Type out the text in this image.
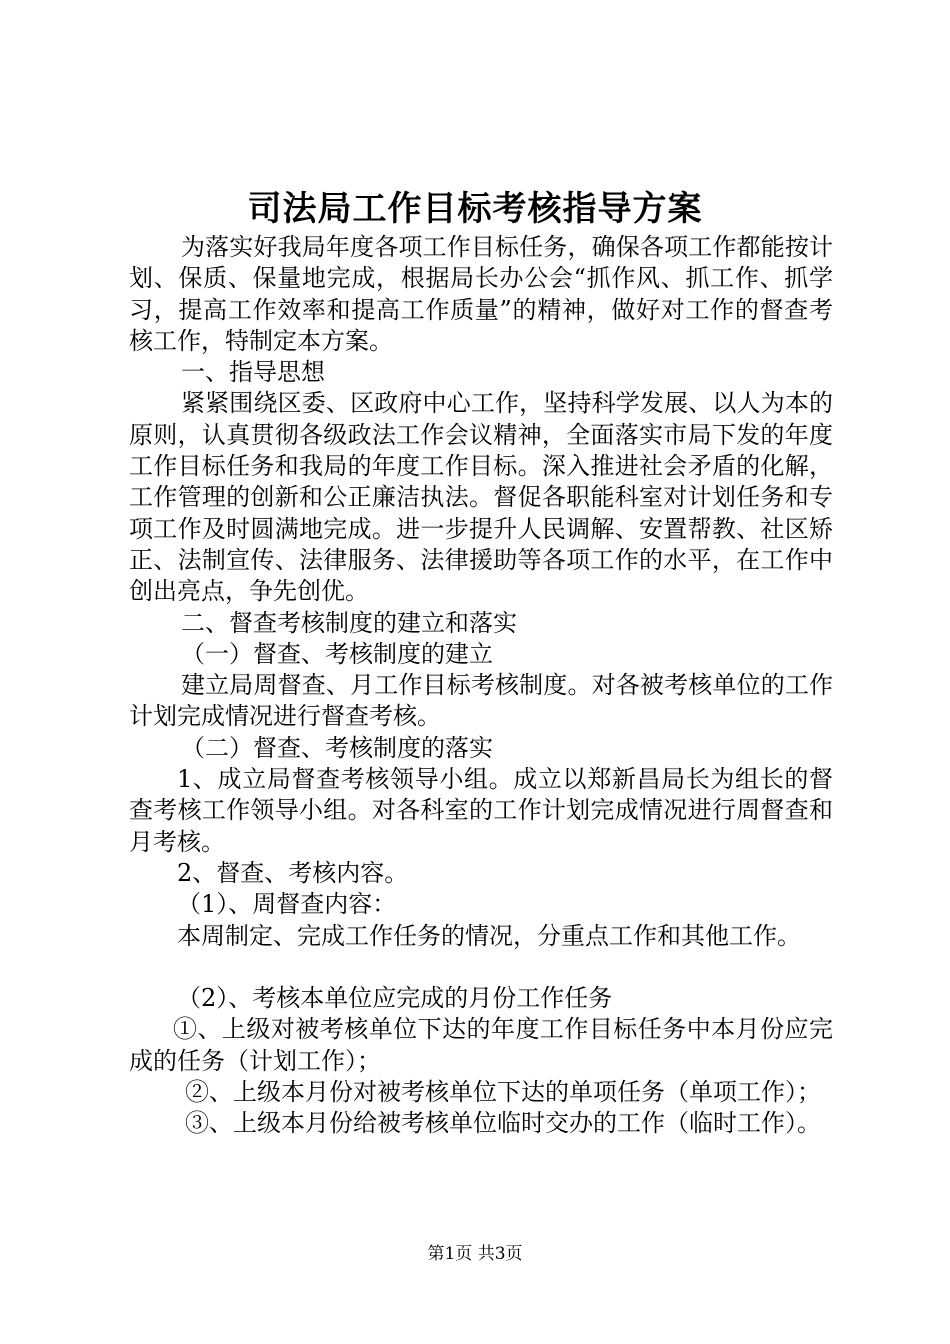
司法局工作目标考核指导方案

为落实好我局年度各项工作目标任务，确保各项工作都能按计划、保质、保量地完成，根据局长办公会“抓作风、抓工作、抓学习，提高工作效率和提高工作质量”的精神，做好对工作的督查考核工作，特制定本方案。

一、指导思想

紧紧围绕区委、区政府中心工作，坚持科学发展、以人为本的原则，认真贯彻各级政法工作会议精神，全面落实市局下发的年度工作目标任务和我局的年度工作目标。深入推进社会矛盾的化解，工作管理的创新和公正廉洁执法。督促各职能科室对计划任务和专项工作及时圆满地完成。进一步提升人民调解、安置帮教、社区矫正、法制宣传、法律服务、法律援助等各项工作的水平，在工作中创出亮点，争先创优。

二、督查考核制度的建立和落实

（一）督查、考核制度的建立

建立局周督查、月工作目标考核制度。对各被考核单位的工作计划完成情况进行督查考核。

（二）督查、考核制度的落实

1、成立局督查考核领导小组。成立以郑新昌局长为组长的督查考核工作领导小组。对各科室的工作计划完成情况进行周督查和月考核。

2、督查、考核内容。

（1）、周督查内容：

本周制定、完成工作任务的情况，分重点工作和其他工作。

（2）、考核本单位应完成的月份工作任务

①、上级对被考核单位下达的年度工作目标任务中本月份应完成的任务（计划工作）；

②、上级本月份对被考核单位下达的单项任务（单项工作）；

③、上级本月份给被考核单位临时交办的工作（临时工作）。

第1页 共3页
